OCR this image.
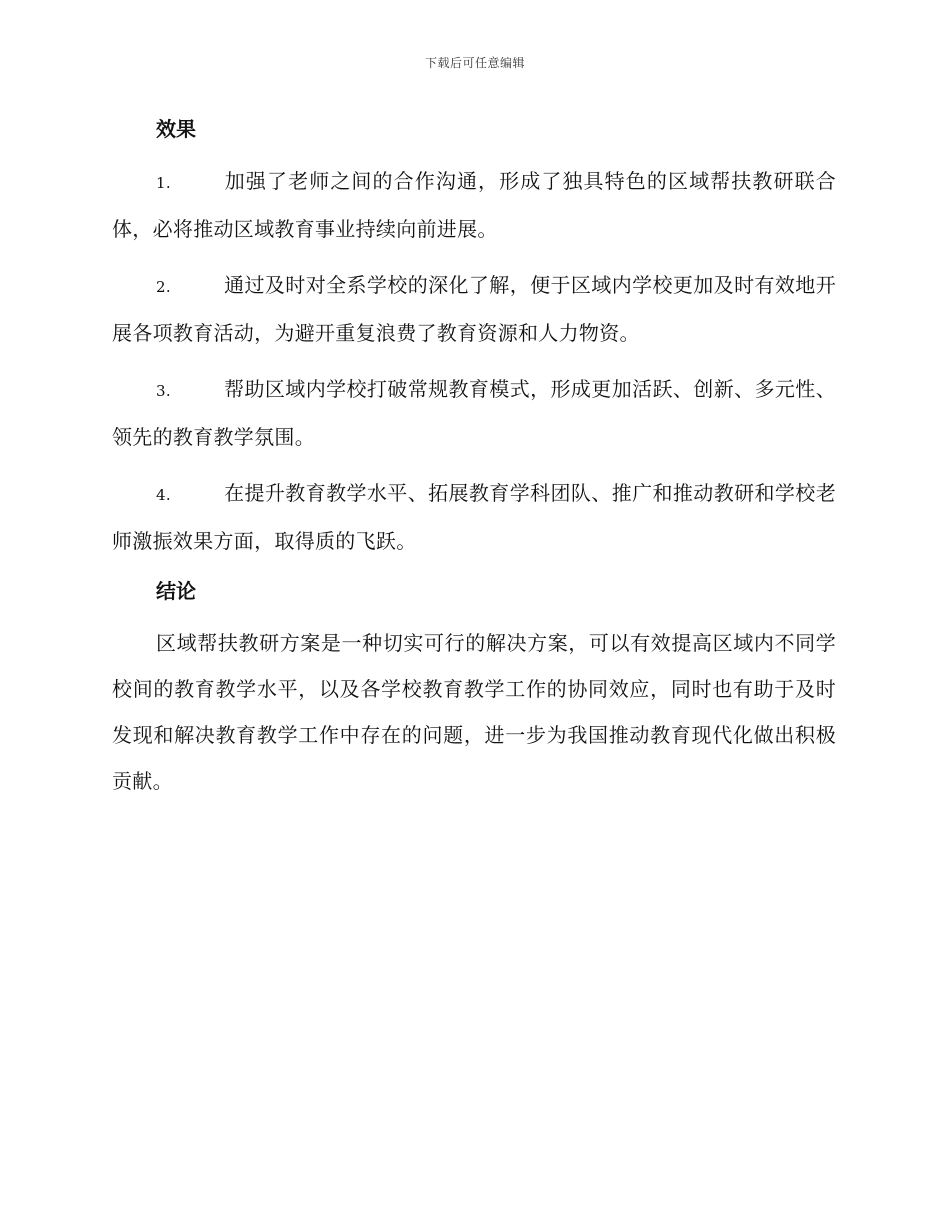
下载后可任意编辑
效果

1.	加强了老师之间的合作沟通，形成了独具特色的区域帮扶教研联合体，必将推动区域教育事业持续向前进展。

2.	通过及时对全系学校的深化了解，便于区域内学校更加及时有效地开展各项教育活动，为避开重复浪费了教育资源和人力物资。

3.	帮助区域内学校打破常规教育模式，形成更加活跃、创新、多元性、领先的教育教学氛围。

4.	在提升教育教学水平、拓展教育学科团队、推广和推动教研和学校老师激振效果方面，取得质的飞跃。

结论

区域帮扶教研方案是一种切实可行的解决方案，可以有效提高区域内不同学校间的教育教学水平，以及各学校教育教学工作的协同效应，同时也有助于及时发现和解决教育教学工作中存在的问题，进一步为我国推动教育现代化做出积极贡献。
